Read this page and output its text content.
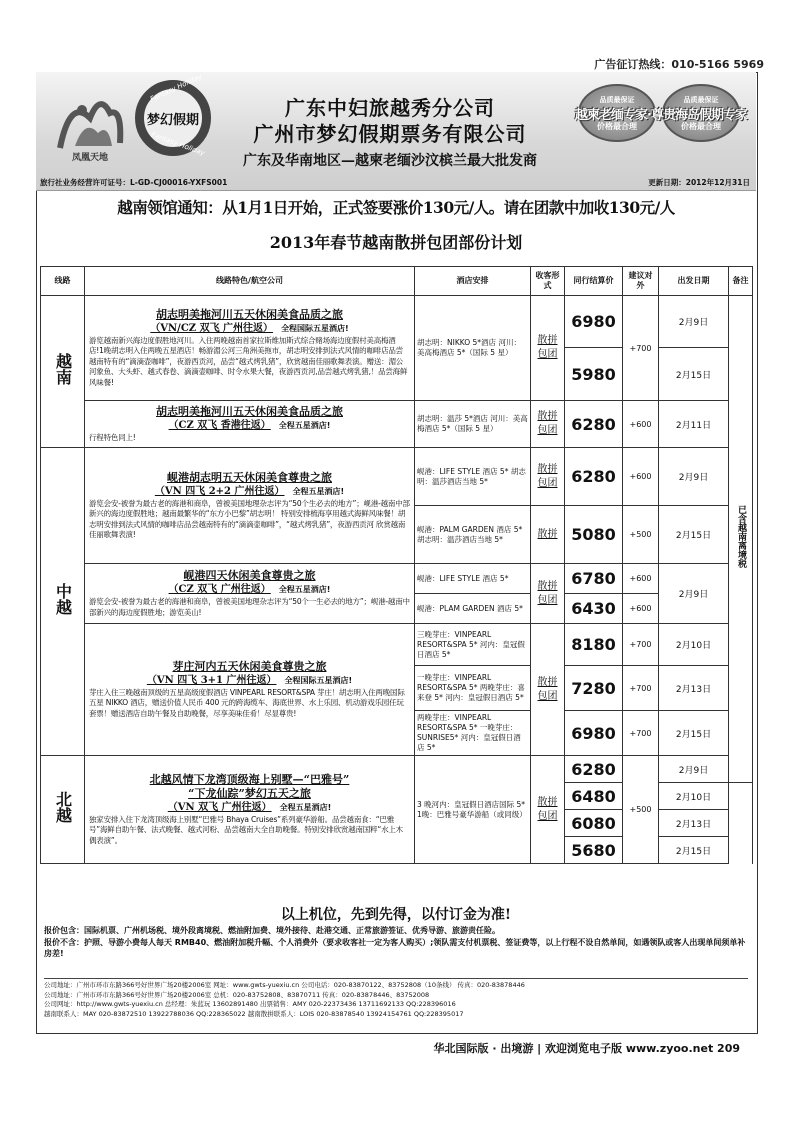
广告征订热线：010-5166 5969
凤凰天地
梦幻假期
Fantasy Holiday
Fantasy Holiday
广东中妇旅越秀分公司
广州市梦幻假期票务有限公司
广东及华南地区—越柬老缅沙汶槟兰最大批发商
品质最保证
价格最合理
品质最保证
价格最合理
越柬老缅专家·尊贵海岛假期专家
旅行社业务经营许可证号：L-GD-CJ00016-YXFS001	更新日期：2012年12月31日
越南领馆通知：从1月1日开始，正式签要涨价130元/人。请在团款中加收130元/人
2013年春节越南散拼包团部份计划
线路	线路特色/航空公司	酒店安排	收客形式	同行结算价	建议对外	出发日期	备注	
越南	胡志明美拖河川五天休闲美食品质之旅
（VN/CZ 双飞 广州往返） 全程国际五星酒店!
游览越南新兴海边度假胜地河川。入住两晚越南首家拉斯维加斯式综合赌场海边度假村美高梅酒店!1晚胡志明入住两晚五星酒店！畅游湄公河三角洲美拖市，胡志明安排到法式风情的咖啡店品尝越南特有的“滴滴壶咖啡”，夜游西贡河，品尝“越式烤乳猪”，欣赏越南佳丽歌舞表演。赠送：湄公河象鱼、大头虾、越式春卷、滴滴壶咖啡、时令水果大餐，夜游西贡河,品尝越式烤乳猪,！品尝海鲜风味餐!	胡志明：NIKKO 5*酒店 河川：美高梅酒店 5*（国际 5 星）	散拼包团	6980	+700	2月9日	已含越南离境税	
				5980		2月15日		

	胡志明美拖河川五天休闲美食品质之旅
（CZ 双飞 香港往返） 全程五星酒店!
行程特色同上!	胡志明：温莎 5*酒店 河川：美高梅酒店 5*（国际 5 星）	散拼包团	6280	+600	2月11日		
中越	岘港胡志明五天休闲美食尊贵之旅
（VN 四飞 2+2 广州往返） 全程五星酒店!
游览会安-被誉为最古老的海港和商阜，曾被美国地理杂志评为“50个生必去的地方”；岘港-越南中部新兴的海边度假胜地；越南最繁华的“东方小巴黎”胡志明！ 特别安排梳海享用越式海鲜风味餐！胡志明安排到法式风情的咖啡店品尝越南特有的“滴滴壶咖啡”，“越式烤乳猪”，夜游西贡河 欣赏越南佳丽歌舞表演!	岘港：LIFE STYLE 酒店 5* 胡志明：温莎酒店当地 5*	散拼包团	6280	+600	2月9日		
		岘港：PALM GARDEN 酒店 5* 胡志明：温莎酒店当地 5*	散拼	5080	+500	2月15日		

	岘港四天休闲美食尊贵之旅
（CZ 双飞 广州往返） 全程五星酒店!
游览会安-被誉为最古老的海港和商阜，曾被美国地理杂志评为“50个一生必去的地方”；岘港-越南中部新兴的海边度假胜地；游览美山!	岘港：LIFE STYLE 酒店 5*	散拼包团	6780	+600	2月9日		
		岘港：PLAM GARDEN 酒店 5*		6430	+600			

	芽庄河内五天休闲美食尊贵之旅
（VN 四飞 3+1 广州往返） 全程国际五星酒店!
芽庄入住三晚越南顶级的五星高级度假酒店 VINPEARL RESORT&SPA 芽庄！胡志明入住两晚国际五星 NIKKO 酒店，赠送价值人民币 400 元的跨海缆车、海底世界、水上乐园、机动游戏乐园任玩套票！赠送酒店自助午餐及自助晚餐，尽享美味佳肴！尽显尊贵!	三晚芽庄：VINPEARL RESORT&SPA 5* 河内：皇冠假日酒店 5*	散拼包团	8180	+700	2月10日		
		一晚芽庄：VINPEARL RESORT&SPA 5* 两晚芽庄：喜来登 5* 河内：皇冠假日酒店 5*		7280	+700	2月13日		
		两晚芽庄：VINPEARL RESORT&SPA 5* 一晚芽庄：SUNRISE5* 河内：皇冠假日酒店 5*		6980	+700	2月15日		
北越	北越风情下龙湾顶级海上别墅—“巴雅号”
“下龙仙踪”梦幻五天之旅
（VN 双飞 广州往返） 全程五星酒店!
独家安排入住下龙湾顶级海上别墅“巴雅号 Bhaya Cruises”系列豪华游船。品尝越南食：“巴雅号”海鲜自助午餐、法式晚餐、越式河粉、品尝越南大全自助晚餐。特别安排欣赏越南国粹“水上木偶表演”。	3 晚河内：皇冠假日酒店国际 5* 1晚：巴雅号豪华游船（或同级）	散拼包团	6280	+500	2月9日		
				6480		2月10日		
				6080		2月13日		
				5680		2月15日		
以上机位，先到先得，以付订金为准!
报价包含：国际机票、广州机场税、境外段离境税、燃油附加费、境外接待、赴港交通、正常旅游签证、优秀导游、旅游责任险。
报价不含：护照、导游小费每人每天 RMB40、燃油附加税升幅、个人消费外（要求收客社一定为客人购买）;领队需支付机票税、签证费等，以上行程不设自然单间，如遇领队或客人出现单间须单补房差!
公司地址：广州市环市东路366号好世界广场20楼2006室 网址：www.gwts-yuexiu.cn 公司电话：020-83870122、83752808（10条线） 传真：020-83878446
公司地址：广州市环市东路366号好世界广场20楼2006室 总机：020-83752808、83870711 传真：020-83878446、83752008
公司网址：http://www.gwts-yuexiu.cn 总经理：朱蓝玩 13602891480 出票销售：AMY 020-22373436 13711692133 QQ:228396016
越南联系人：MAY 020-83872510 13922788036 QQ:228365022 越南散拼联系人：LOIS 020-83878540 13924154761 QQ:228395017
华北国际版 · 出境游 | 欢迎浏览电子版 www.zyoo.net 209
